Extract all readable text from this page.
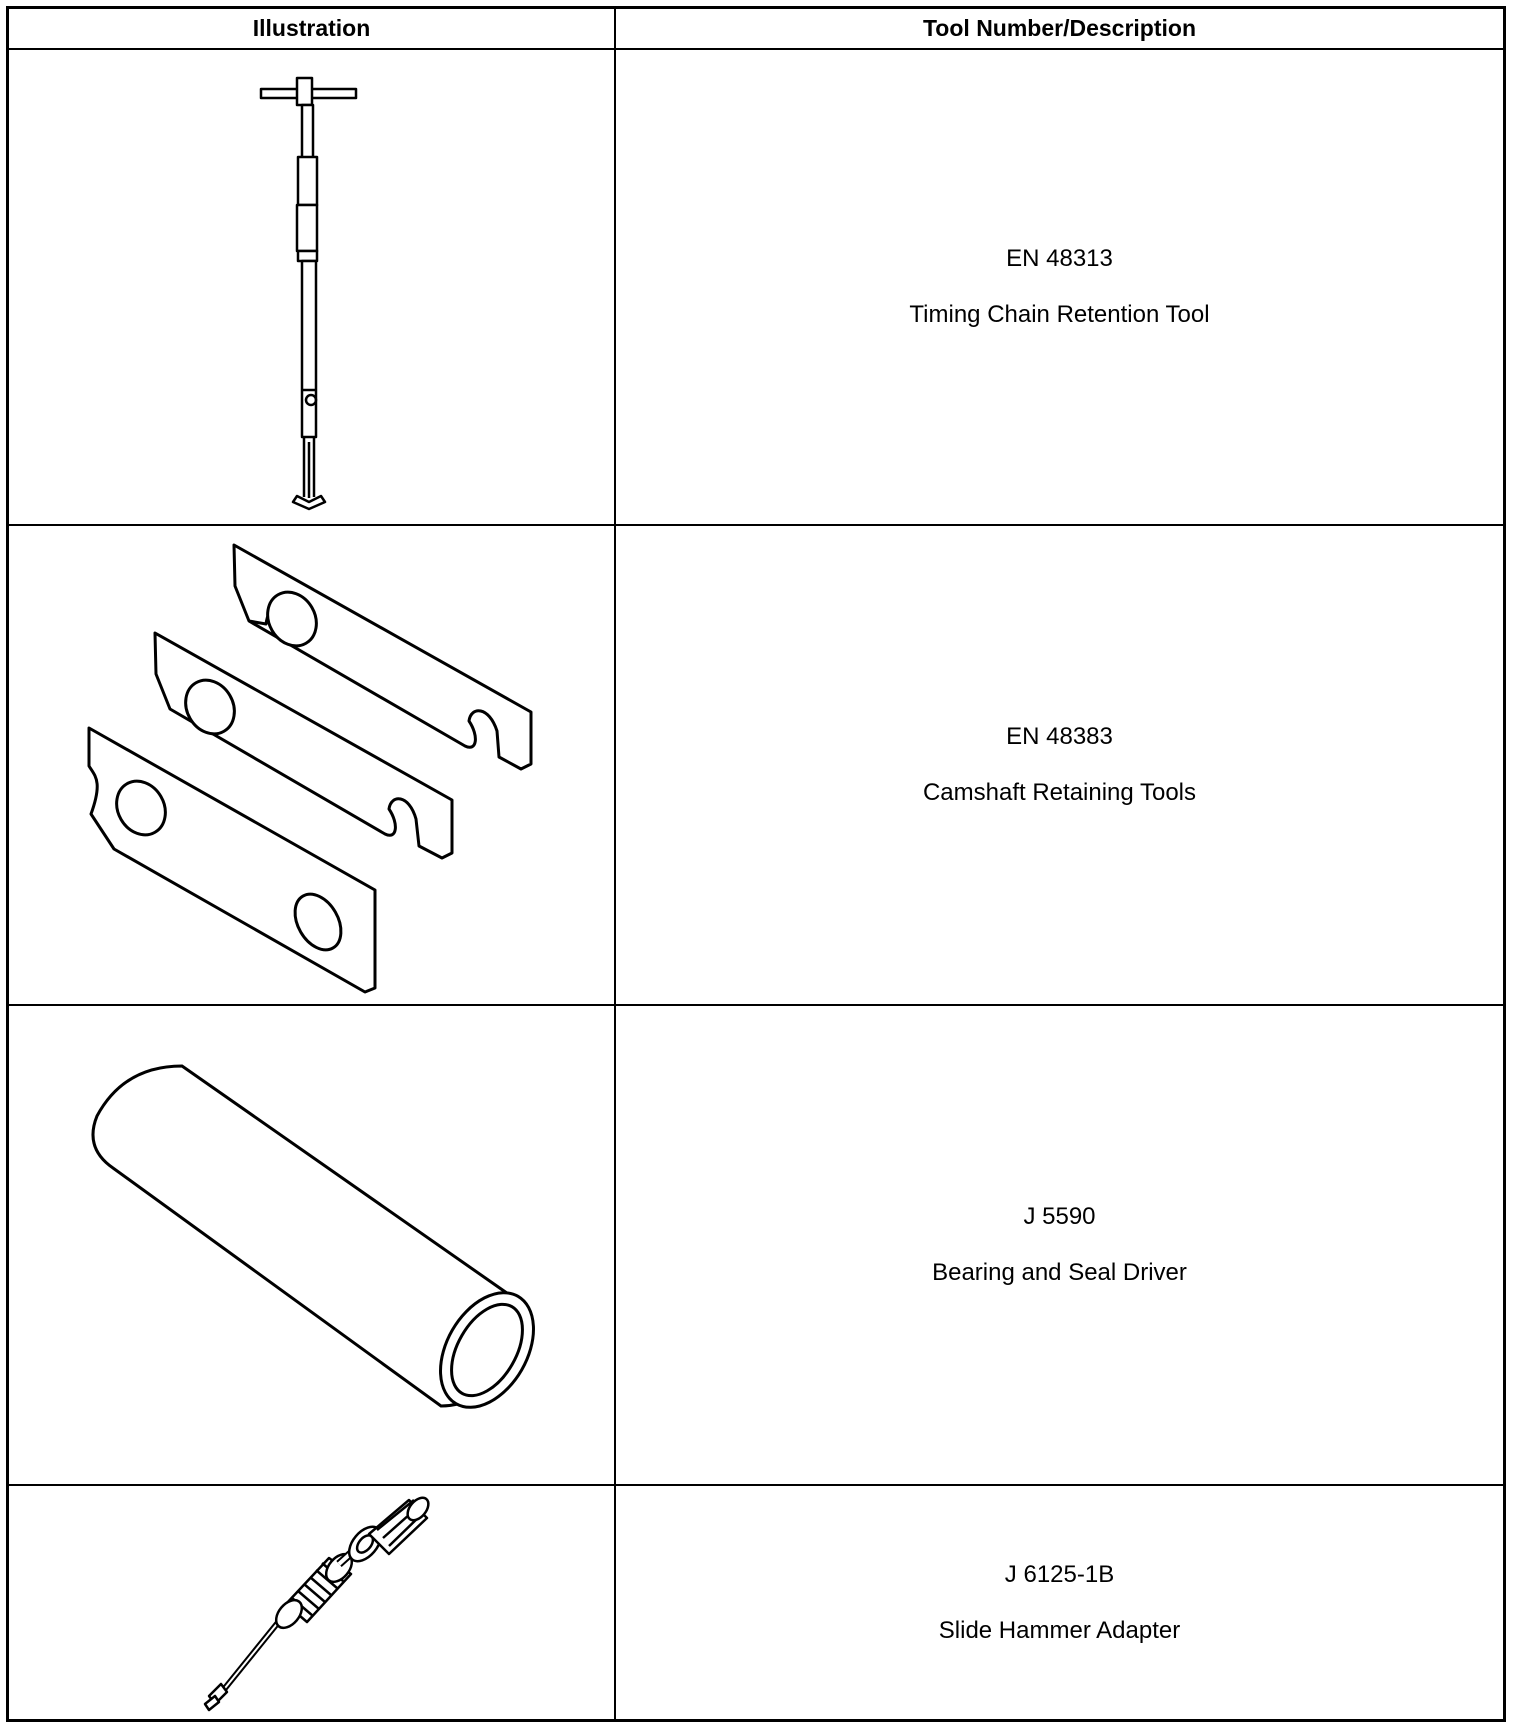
Illustration	Tool Number/Description
EN 48313
Timing Chain Retention Tool
EN 48383
Camshaft Retaining Tools
J 5590
Bearing and Seal Driver
J 6125-1B
Slide Hammer Adapter
